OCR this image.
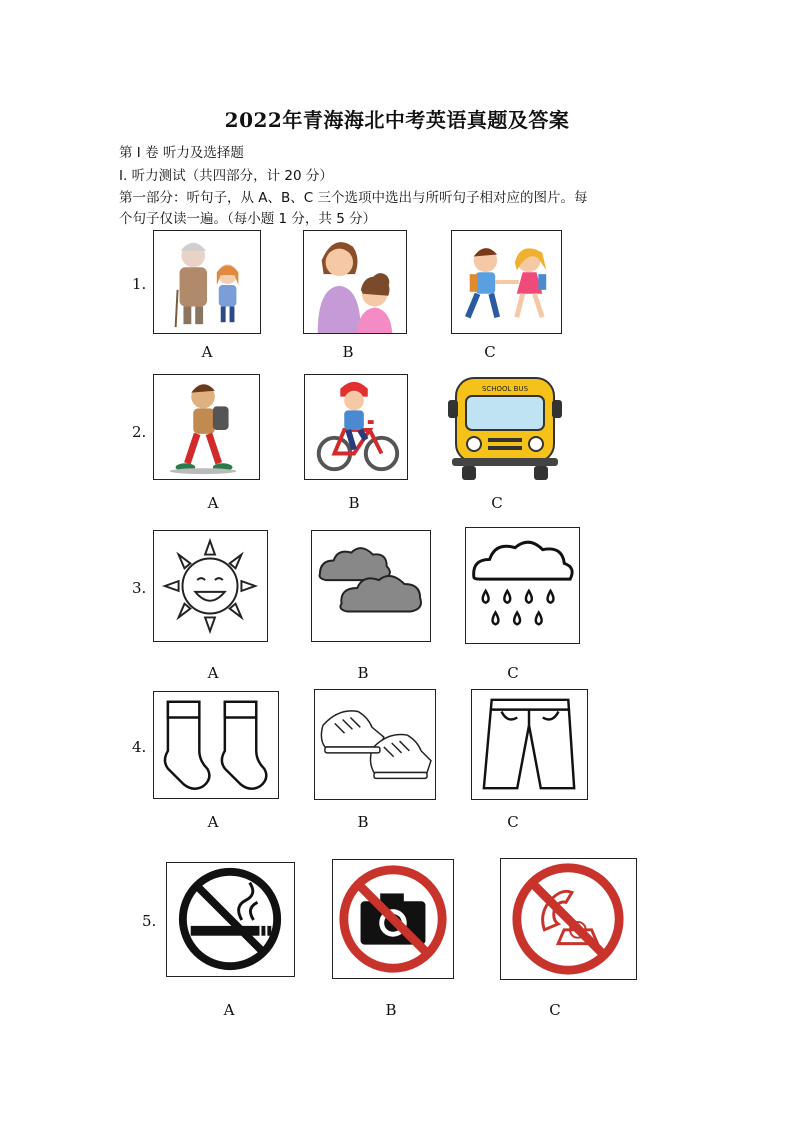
2022年青海海北中考英语真题及答案
第 I 卷 听力及选择题
I. 听力测试（共四部分，计 20 分）
第一部分：听句子，从 A、B、C 三个选项中选出与所听句子相对应的图片。每
个句子仅读一遍。（每小题 1 分，共 5 分）
1.
A	B	C
2.
A	B
SCHOOL BUS
C
3.
A	B	C
4.
A	B	C
5.
A	B	C
